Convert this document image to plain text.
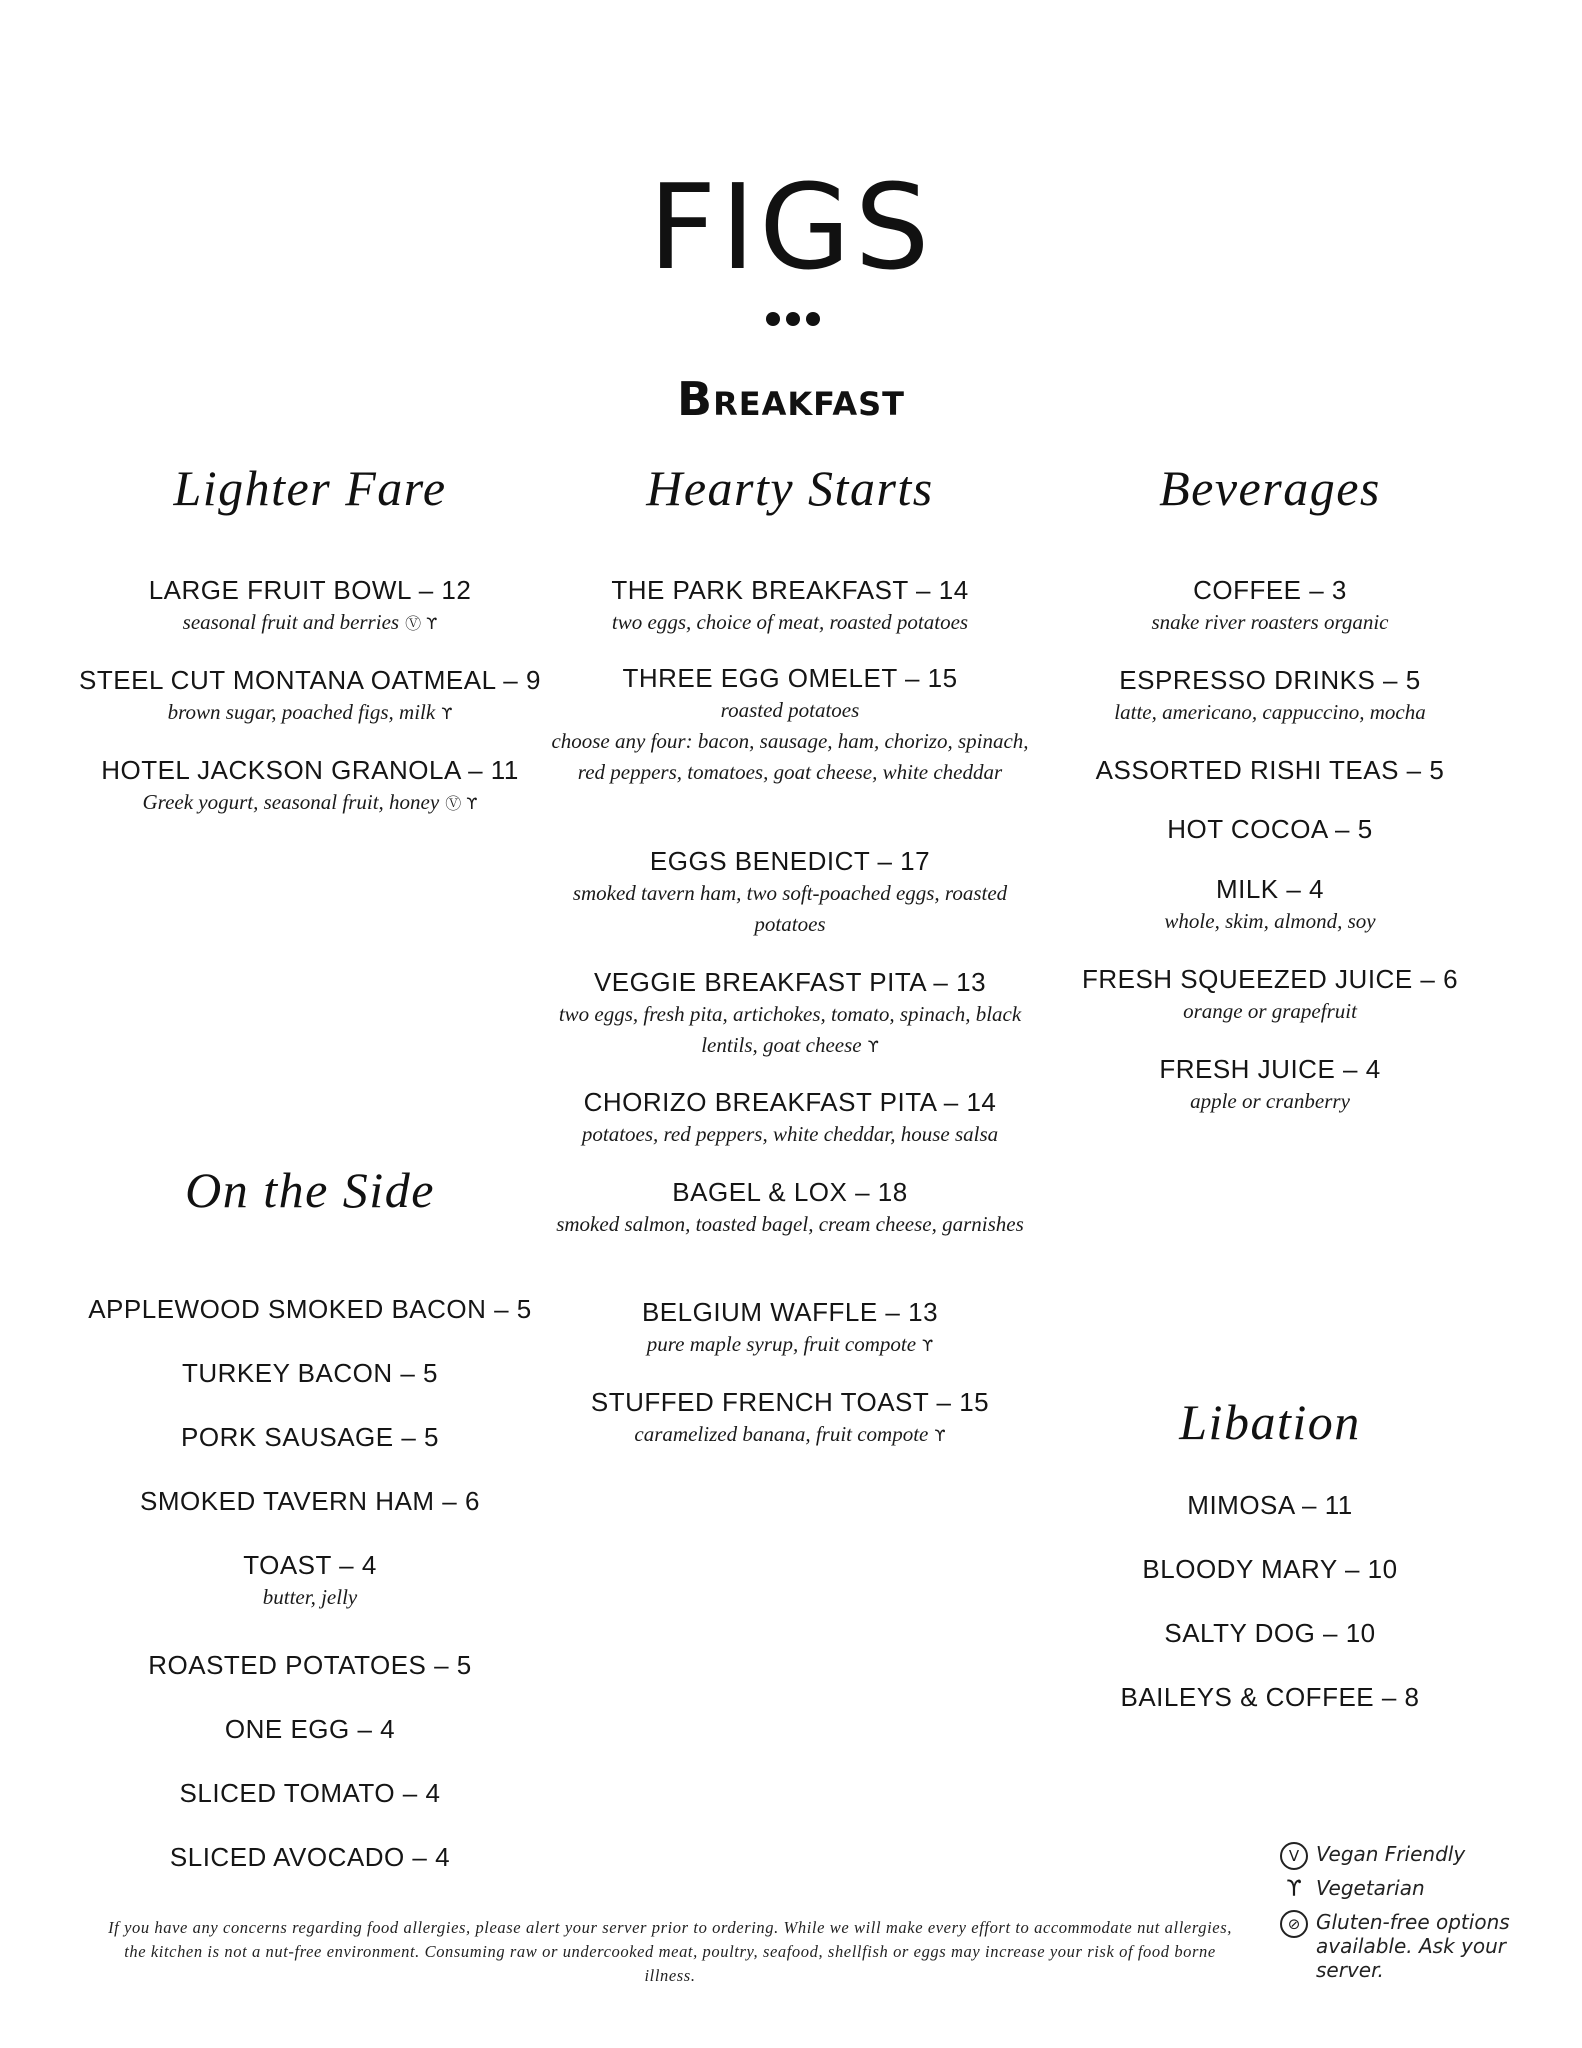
FIGS
Breakfast
Lighter Fare
LARGE FRUIT BOWL – 12
seasonal fruit and berries Ⓥ ϒ
STEEL CUT MONTANA OATMEAL – 9
brown sugar, poached figs, milk ϒ
HOTEL JACKSON GRANOLA – 11
Greek yogurt, seasonal fruit, honey Ⓥ ϒ
On the Side
APPLEWOOD SMOKED BACON – 5
TURKEY BACON – 5
PORK SAUSAGE – 5
SMOKED TAVERN HAM – 6
TOAST – 4
butter, jelly
ROASTED POTATOES – 5
ONE EGG – 4
SLICED TOMATO – 4
SLICED AVOCADO – 4
Hearty Starts
THE PARK BREAKFAST – 14
two eggs, choice of meat, roasted potatoes
THREE EGG OMELET – 15
roasted potatoes
choose any four: bacon, sausage, ham, chorizo, spinach, red peppers, tomatoes, goat cheese, white cheddar
EGGS BENEDICT – 17
smoked tavern ham, two soft-poached eggs, roasted potatoes
VEGGIE BREAKFAST PITA – 13
two eggs, fresh pita, artichokes, tomato, spinach, black lentils, goat cheese ϒ
CHORIZO BREAKFAST PITA – 14
potatoes, red peppers, white cheddar, house salsa
BAGEL & LOX – 18
smoked salmon, toasted bagel, cream cheese, garnishes
BELGIUM WAFFLE – 13
pure maple syrup, fruit compote ϒ
STUFFED FRENCH TOAST – 15
caramelized banana, fruit compote ϒ
Beverages
COFFEE – 3
snake river roasters organic
ESPRESSO DRINKS – 5
latte, americano, cappuccino, mocha
ASSORTED RISHI TEAS – 5
HOT COCOA – 5
MILK – 4
whole, skim, almond, soy
FRESH SQUEEZED JUICE – 6
orange or grapefruit
FRESH JUICE – 4
apple or cranberry
Libation
MIMOSA – 11
BLOODY MARY – 10
SALTY DOG – 10
BAILEYS & COFFEE – 8
V Vegan Friendly
ϒ Vegetarian
⊘ Gluten-free options available. Ask your server.
If you have any concerns regarding food allergies, please alert your server prior to ordering. While we will make every effort to accommodate nut allergies, the kitchen is not a nut-free environment. Consuming raw or undercooked meat, poultry, seafood, shellfish or eggs may increase your risk of food borne illness.
